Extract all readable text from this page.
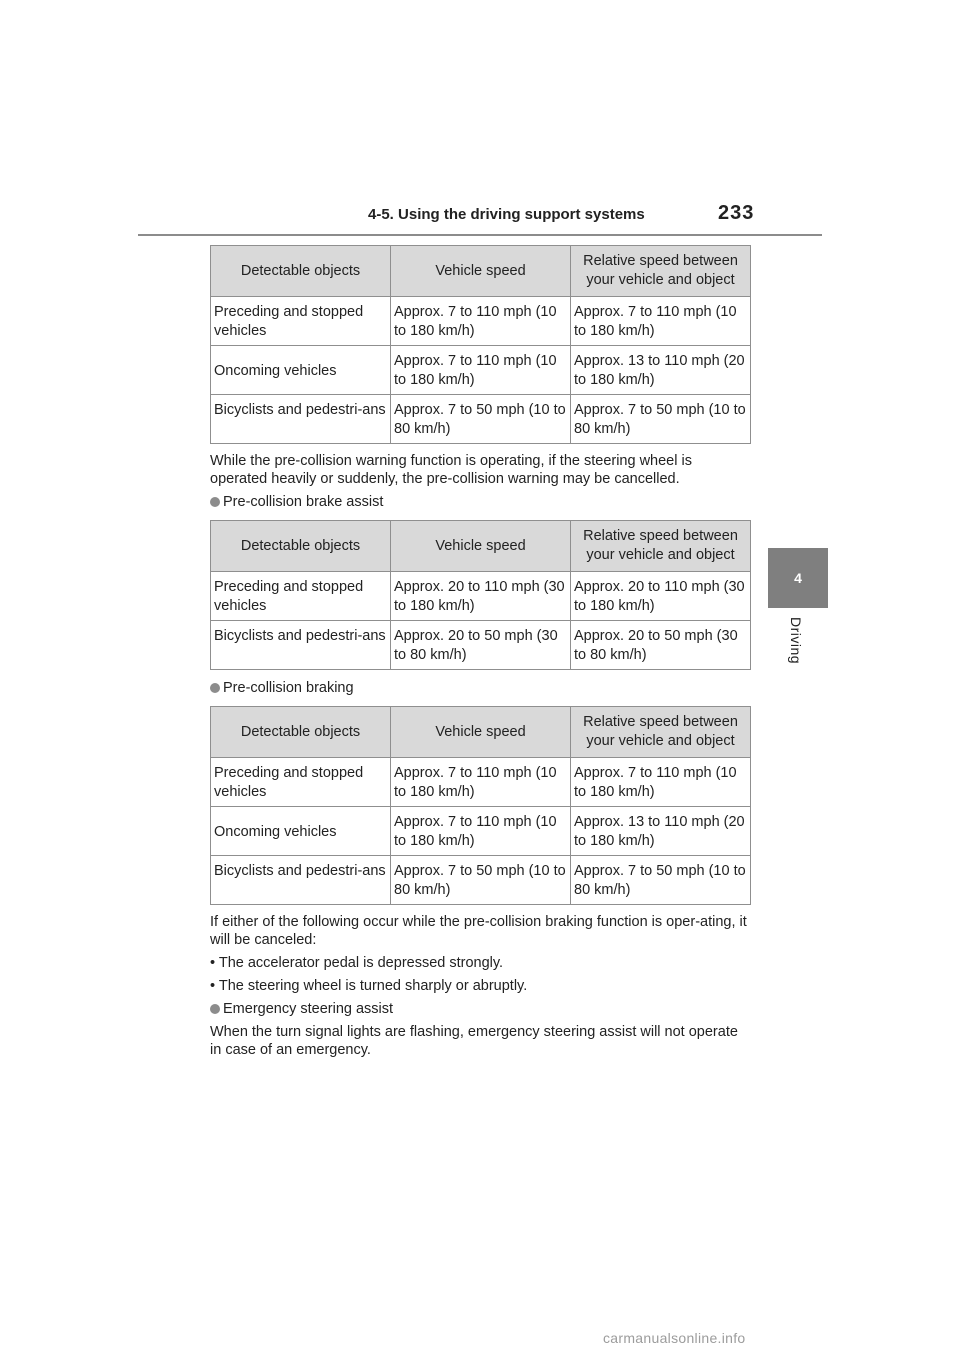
4-5. Using the driving support systems	233
4
Driving
Detectable objects	Vehicle speed	Relative speed between your vehicle and object
Preceding and stopped vehicles	Approx. 7 to 110 mph (10 to 180 km/h)	Approx. 7 to 110 mph (10 to 180 km/h)
Oncoming vehicles	Approx. 7 to 110 mph (10 to 180 km/h)	Approx. 13 to 110 mph (20 to 180 km/h)
Bicyclists and pedestri-ans	Approx. 7 to 50 mph (10 to 80 km/h)	Approx. 7 to 50 mph (10 to 80 km/h)

While the pre-collision warning function is operating, if the steering wheel is operated heavily or suddenly, the pre-collision warning may be cancelled.

Pre-collision brake assist

Detectable objects	Vehicle speed	Relative speed between your vehicle and object
Preceding and stopped vehicles	Approx. 20 to 110 mph (30 to 180 km/h)	Approx. 20 to 110 mph (30 to 180 km/h)
Bicyclists and pedestri-ans	Approx. 20 to 50 mph (30 to 80 km/h)	Approx. 20 to 50 mph (30 to 80 km/h)

Pre-collision braking

Detectable objects	Vehicle speed	Relative speed between your vehicle and object
Preceding and stopped vehicles	Approx. 7 to 110 mph (10 to 180 km/h)	Approx. 7 to 110 mph (10 to 180 km/h)
Oncoming vehicles	Approx. 7 to 110 mph (10 to 180 km/h)	Approx. 13 to 110 mph (20 to 180 km/h)
Bicyclists and pedestri-ans	Approx. 7 to 50 mph (10 to 80 km/h)	Approx. 7 to 50 mph (10 to 80 km/h)

If either of the following occur while the pre-collision braking function is oper-ating, it will be canceled:

• The accelerator pedal is depressed strongly.

• The steering wheel is turned sharply or abruptly.

Emergency steering assist

When the turn signal lights are flashing, emergency steering assist will not operate in case of an emergency.

carmanualsonline.info
